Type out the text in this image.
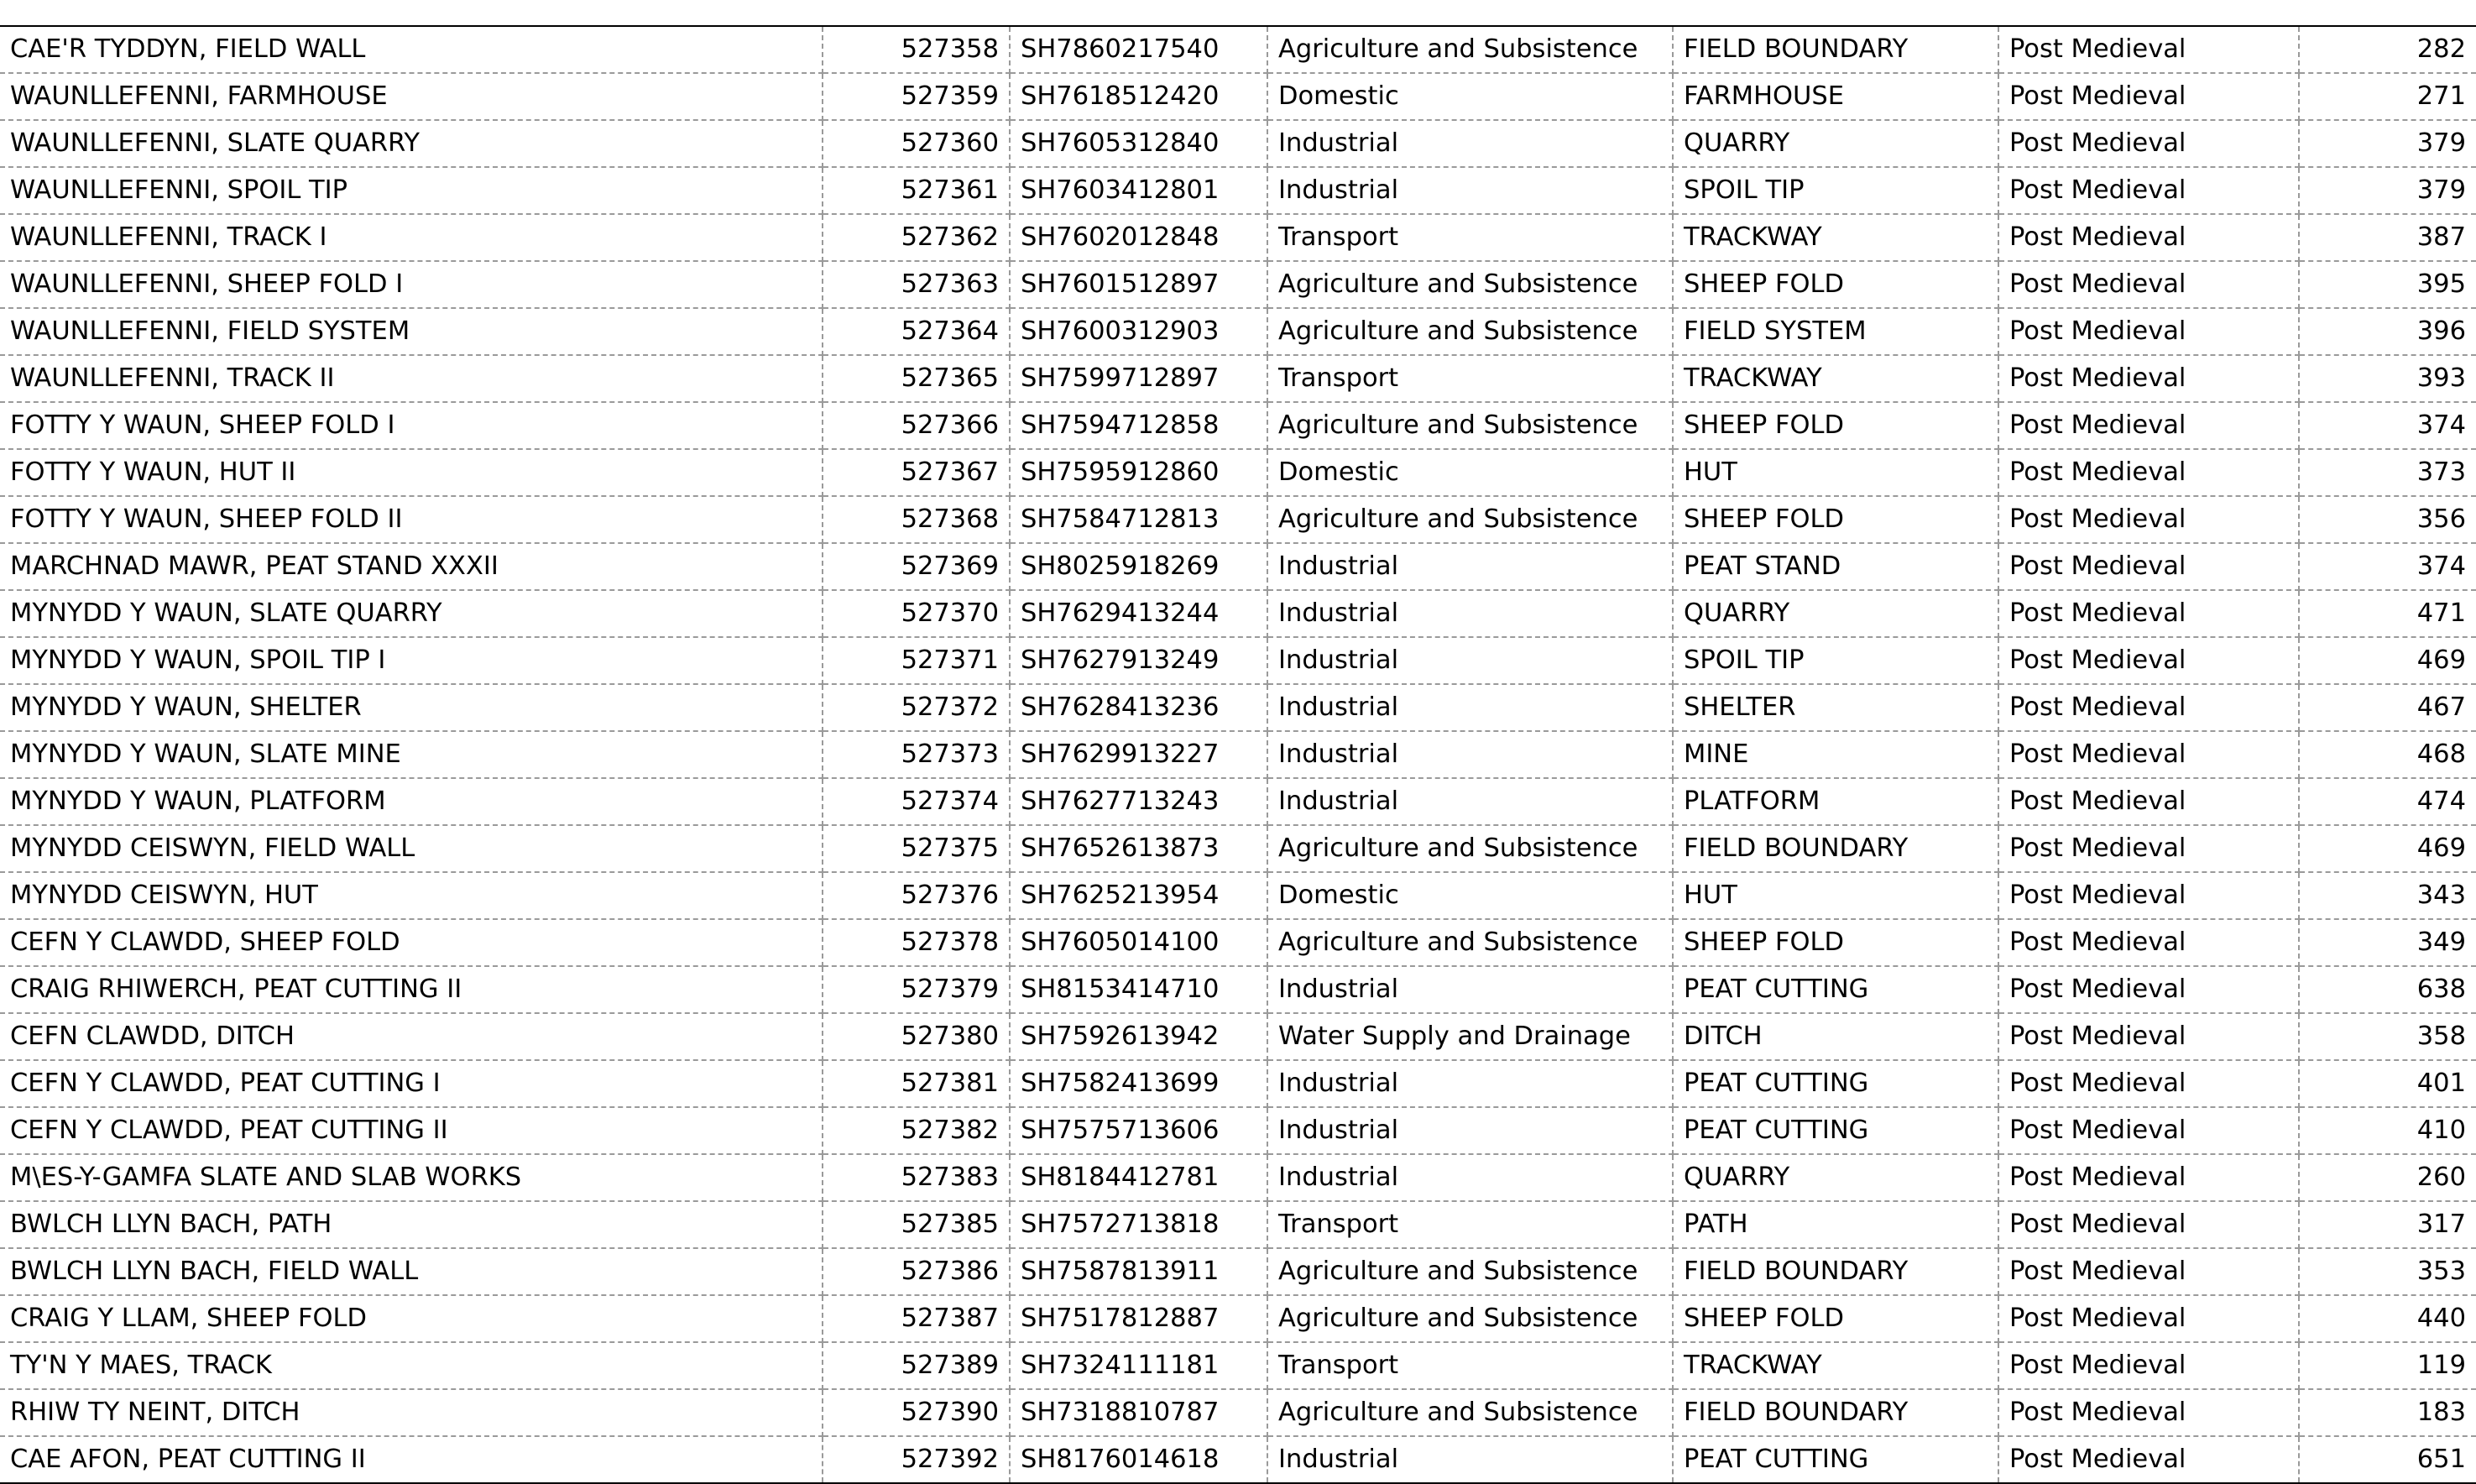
CAE'R TYDDYN, FIELD WALL	527358	SH7860217540	Agriculture and Subsistence	FIELD BOUNDARY	Post Medieval	282
WAUNLLEFENNI, FARMHOUSE	527359	SH7618512420	Domestic	FARMHOUSE	Post Medieval	271
WAUNLLEFENNI, SLATE QUARRY	527360	SH7605312840	Industrial	QUARRY	Post Medieval	379
WAUNLLEFENNI, SPOIL TIP	527361	SH7603412801	Industrial	SPOIL TIP	Post Medieval	379
WAUNLLEFENNI, TRACK I	527362	SH7602012848	Transport	TRACKWAY	Post Medieval	387
WAUNLLEFENNI, SHEEP FOLD I	527363	SH7601512897	Agriculture and Subsistence	SHEEP FOLD	Post Medieval	395
WAUNLLEFENNI, FIELD SYSTEM	527364	SH7600312903	Agriculture and Subsistence	FIELD SYSTEM	Post Medieval	396
WAUNLLEFENNI, TRACK II	527365	SH7599712897	Transport	TRACKWAY	Post Medieval	393
FOTTY Y WAUN, SHEEP FOLD I	527366	SH7594712858	Agriculture and Subsistence	SHEEP FOLD	Post Medieval	374
FOTTY Y WAUN, HUT II	527367	SH7595912860	Domestic	HUT	Post Medieval	373
FOTTY Y WAUN, SHEEP FOLD II	527368	SH7584712813	Agriculture and Subsistence	SHEEP FOLD	Post Medieval	356
MARCHNAD MAWR, PEAT STAND XXXII	527369	SH8025918269	Industrial	PEAT STAND	Post Medieval	374
MYNYDD Y WAUN, SLATE QUARRY	527370	SH7629413244	Industrial	QUARRY	Post Medieval	471
MYNYDD Y WAUN, SPOIL TIP I	527371	SH7627913249	Industrial	SPOIL TIP	Post Medieval	469
MYNYDD Y WAUN, SHELTER	527372	SH7628413236	Industrial	SHELTER	Post Medieval	467
MYNYDD Y WAUN, SLATE MINE	527373	SH7629913227	Industrial	MINE	Post Medieval	468
MYNYDD Y WAUN, PLATFORM	527374	SH7627713243	Industrial	PLATFORM	Post Medieval	474
MYNYDD CEISWYN, FIELD WALL	527375	SH7652613873	Agriculture and Subsistence	FIELD BOUNDARY	Post Medieval	469
MYNYDD CEISWYN, HUT	527376	SH7625213954	Domestic	HUT	Post Medieval	343
CEFN Y CLAWDD, SHEEP FOLD	527378	SH7605014100	Agriculture and Subsistence	SHEEP FOLD	Post Medieval	349
CRAIG RHIWERCH, PEAT CUTTING II	527379	SH8153414710	Industrial	PEAT CUTTING	Post Medieval	638
CEFN CLAWDD, DITCH	527380	SH7592613942	Water Supply and Drainage	DITCH	Post Medieval	358
CEFN Y CLAWDD, PEAT CUTTING I	527381	SH7582413699	Industrial	PEAT CUTTING	Post Medieval	401
CEFN Y CLAWDD, PEAT CUTTING II	527382	SH7575713606	Industrial	PEAT CUTTING	Post Medieval	410
M\ES-Y-GAMFA SLATE AND SLAB WORKS	527383	SH8184412781	Industrial	QUARRY	Post Medieval	260
BWLCH LLYN BACH, PATH	527385	SH7572713818	Transport	PATH	Post Medieval	317
BWLCH LLYN BACH, FIELD WALL	527386	SH7587813911	Agriculture and Subsistence	FIELD BOUNDARY	Post Medieval	353
CRAIG Y LLAM, SHEEP FOLD	527387	SH7517812887	Agriculture and Subsistence	SHEEP FOLD	Post Medieval	440
TY'N Y MAES, TRACK	527389	SH7324111181	Transport	TRACKWAY	Post Medieval	119
RHIW TY NEINT, DITCH	527390	SH7318810787	Agriculture and Subsistence	FIELD BOUNDARY	Post Medieval	183
CAE AFON, PEAT CUTTING II	527392	SH8176014618	Industrial	PEAT CUTTING	Post Medieval	651
